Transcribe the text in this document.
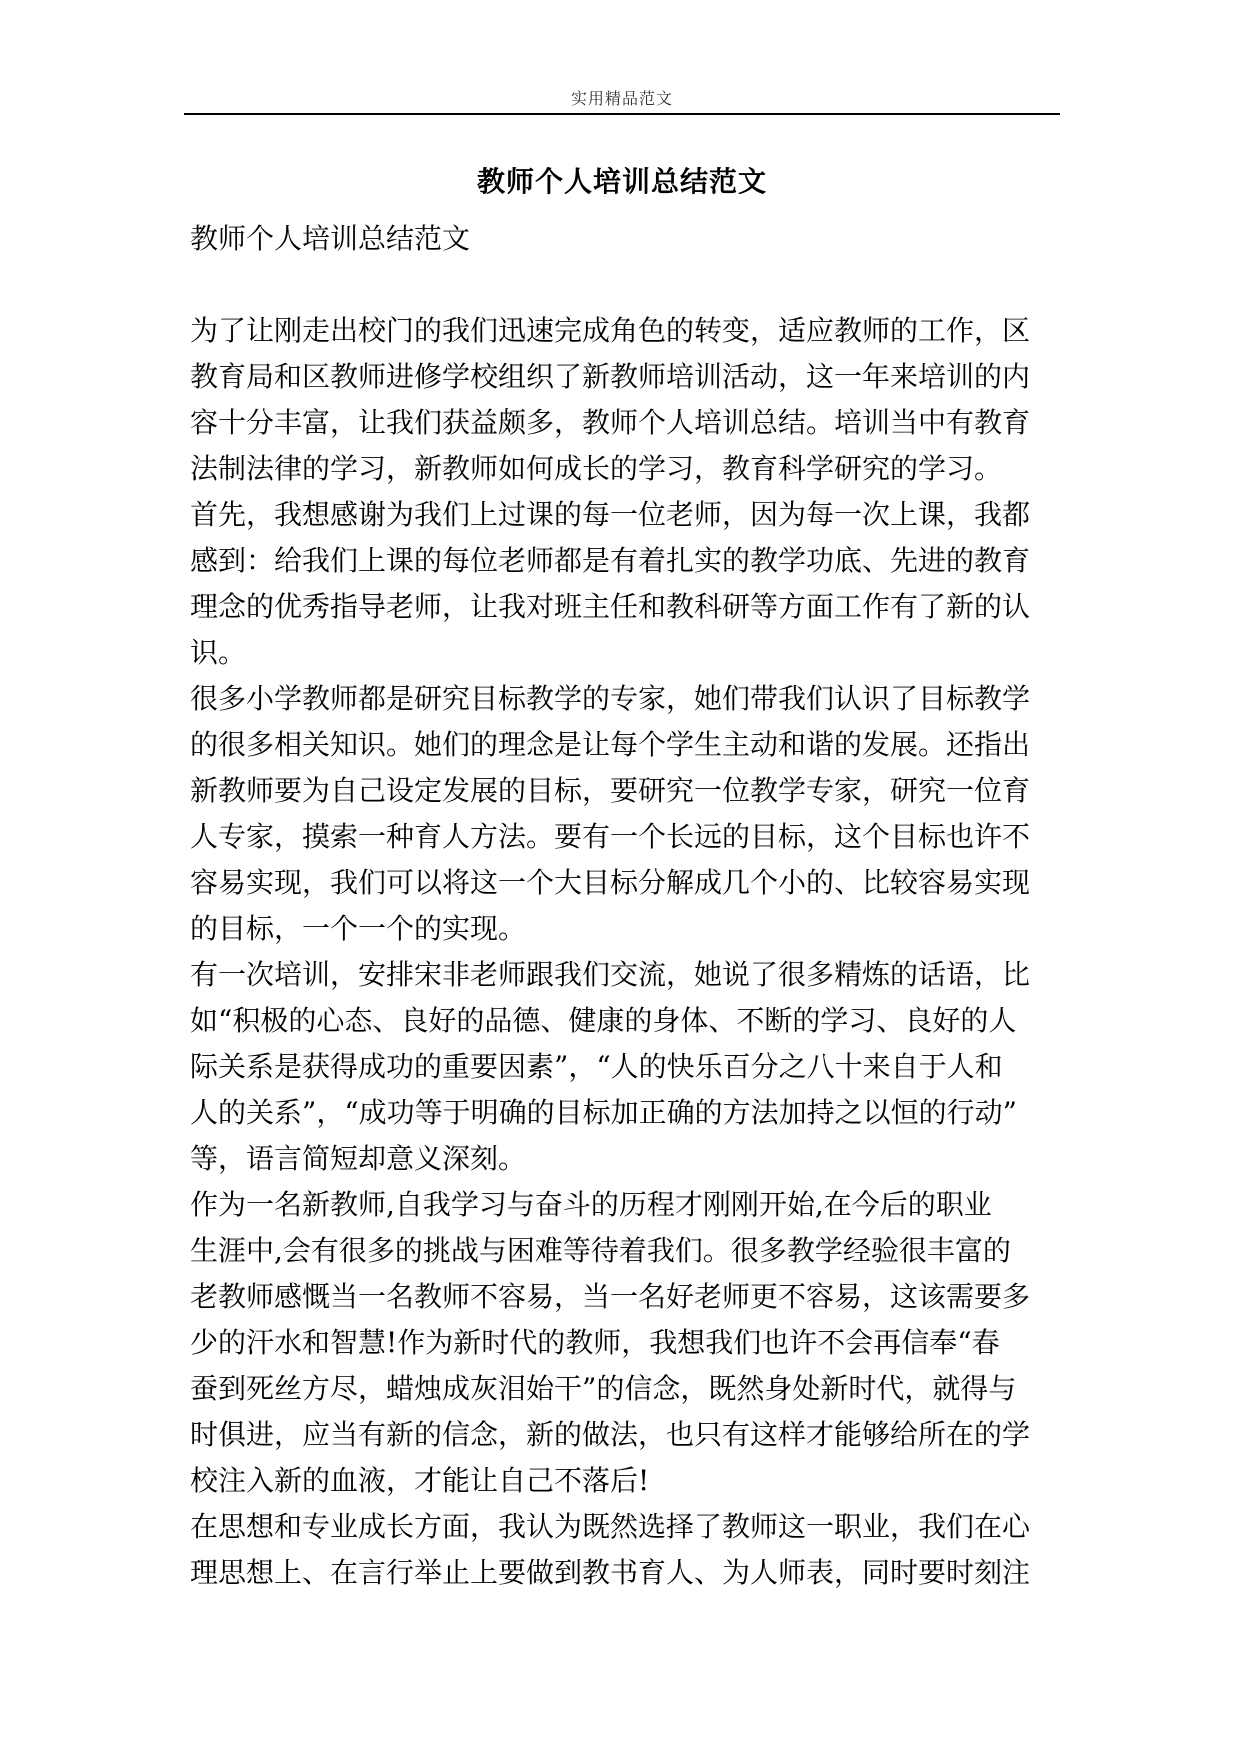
实用精品范文
教师个人培训总结范文

教师个人培训总结范文

为了让刚走出校门的我们迅速完成角色的转变，适应教师的工作，区
教育局和区教师进修学校组织了新教师培训活动，这一年来培训的内
容十分丰富，让我们获益颇多，教师个人培训总结。培训当中有教育
法制法律的学习，新教师如何成长的学习，教育科学研究的学习。

首先，我想感谢为我们上过课的每一位老师，因为每一次上课，我都
感到：给我们上课的每位老师都是有着扎实的教学功底、先进的教育
理念的优秀指导老师，让我对班主任和教科研等方面工作有了新的认
识。

很多小学教师都是研究目标教学的专家，她们带我们认识了目标教学
的很多相关知识。她们的理念是让每个学生主动和谐的发展。还指出
新教师要为自己设定发展的目标，要研究一位教学专家，研究一位育
人专家，摸索一种育人方法。要有一个长远的目标，这个目标也许不
容易实现，我们可以将这一个大目标分解成几个小的、比较容易实现
的目标，一个一个的实现。

有一次培训，安排宋非老师跟我们交流，她说了很多精炼的话语，比
如“积极的心态、良好的品德、健康的身体、不断的学习、良好的人
际关系是获得成功的重要因素”，“人的快乐百分之八十来自于人和
人的关系”，“成功等于明确的目标加正确的方法加持之以恒的行动”
等，语言简短却意义深刻。

作为一名新教师,自我学习与奋斗的历程才刚刚开始,在今后的职业
生涯中,会有很多的挑战与困难等待着我们。很多教学经验很丰富的
老教师感慨当一名教师不容易，当一名好老师更不容易，这该需要多
少的汗水和智慧!作为新时代的教师，我想我们也许不会再信奉“春
蚕到死丝方尽，蜡烛成灰泪始干”的信念，既然身处新时代，就得与
时俱进，应当有新的信念，新的做法，也只有这样才能够给所在的学
校注入新的血液，才能让自己不落后!

在思想和专业成长方面，我认为既然选择了教师这一职业，我们在心
理思想上、在言行举止上要做到教书育人、为人师表，同时要时刻注
